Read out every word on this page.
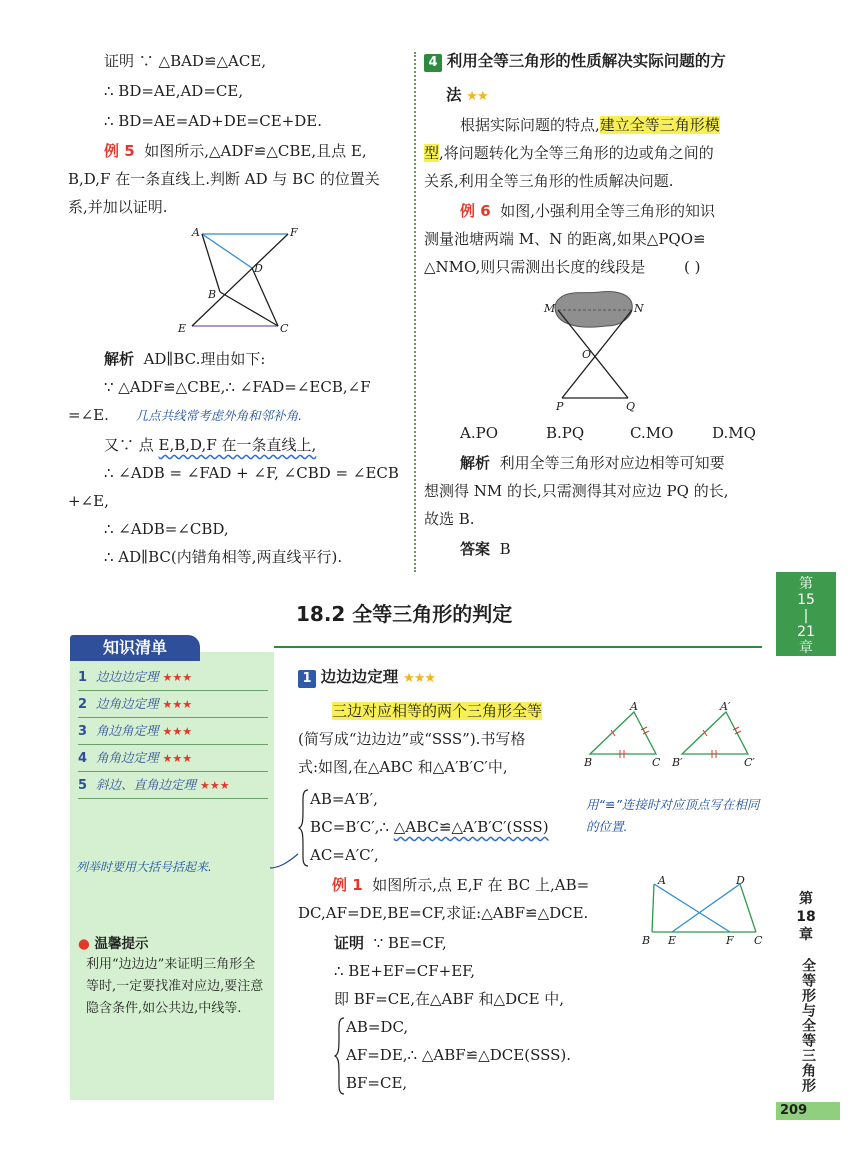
证明 ∵ △BAD≌△ACE,
∴ BD=AE,AD=CE,
∴ BD=AE=AD+DE=CE+DE.
例 5 如图所示,△ADF≌△CBE,且点 E,
B,D,F 在一条直线上.判断 AD 与 BC 的位置关
系,并加以证明.
A	F
D
B
E	C
解析 AD∥BC.理由如下:
∵ △ADF≌△CBE,∴ ∠FAD=∠ECB,∠F
=∠E. 几点共线常考虑外角和邻补角.
又∵ 点 E,B,D,F 在一条直线上,
∴ ∠ADB = ∠FAD + ∠F, ∠CBD = ∠ECB
+∠E,
∴ ∠ADB=∠CBD,
∴ AD∥BC(内错角相等,两直线平行).
4 利用全等三角形的性质解决实际问题的方
法 ★★
根据实际问题的特点,建立全等三角形模
型,将问题转化为全等三角形的边或角之间的
关系,利用全等三角形的性质解决问题.
例 6 如图,小强利用全等三角形的知识
测量池塘两端 M、N 的距离,如果△PQO≌
△NMO,则只需测出长度的线段是	( )
M	N
O
P	Q
A.PO	B.PQ	C.MO	D.MQ
解析 利用全等三角形对应边相等可知要
想测得 NM 的长,只需测得其对应边 PQ 的长,
故选 B.
答案 B
第
15
|
21
章
第
18
章
全等形与全等三角形
209
18.2 全等三角形的判定
知识清单
1 边边边定理 ★★★
2 边角边定理 ★★★
3 角边角定理 ★★★
4 角角边定理 ★★★
5 斜边、直角边定理 ★★★
列举时要用大括号括起来.
● 温馨提示
利用“边边边”来证明三角形全等时,一定要找准对应边,要注意隐含条件,如公共边,中线等.
1 边边边定理 ★★★
三边对应相等的两个三角形全等
(简写成“边边边”或“SSS”).书写格
式:如图,在△ABC 和△A′B′C′中,
A
B	C
A′
B′	C′
AB=A′B′,
BC=B′C′,∴ △ABC≌△A′B′C′(SSS)
AC=A′C′,
用“≌”连接时对应顶点写在相同的位置.
例 1 如图所示,点 E,F 在 BC 上,AB=
DC,AF=DE,BE=CF,求证:△ABF≌△DCE.
A	D
B E	F C
证明 ∵ BE=CF,
∴ BE+EF=CF+EF,
即 BF=CE,在△ABF 和△DCE 中,
AB=DC,
AF=DE,∴ △ABF≌△DCE(SSS).
BF=CE,
